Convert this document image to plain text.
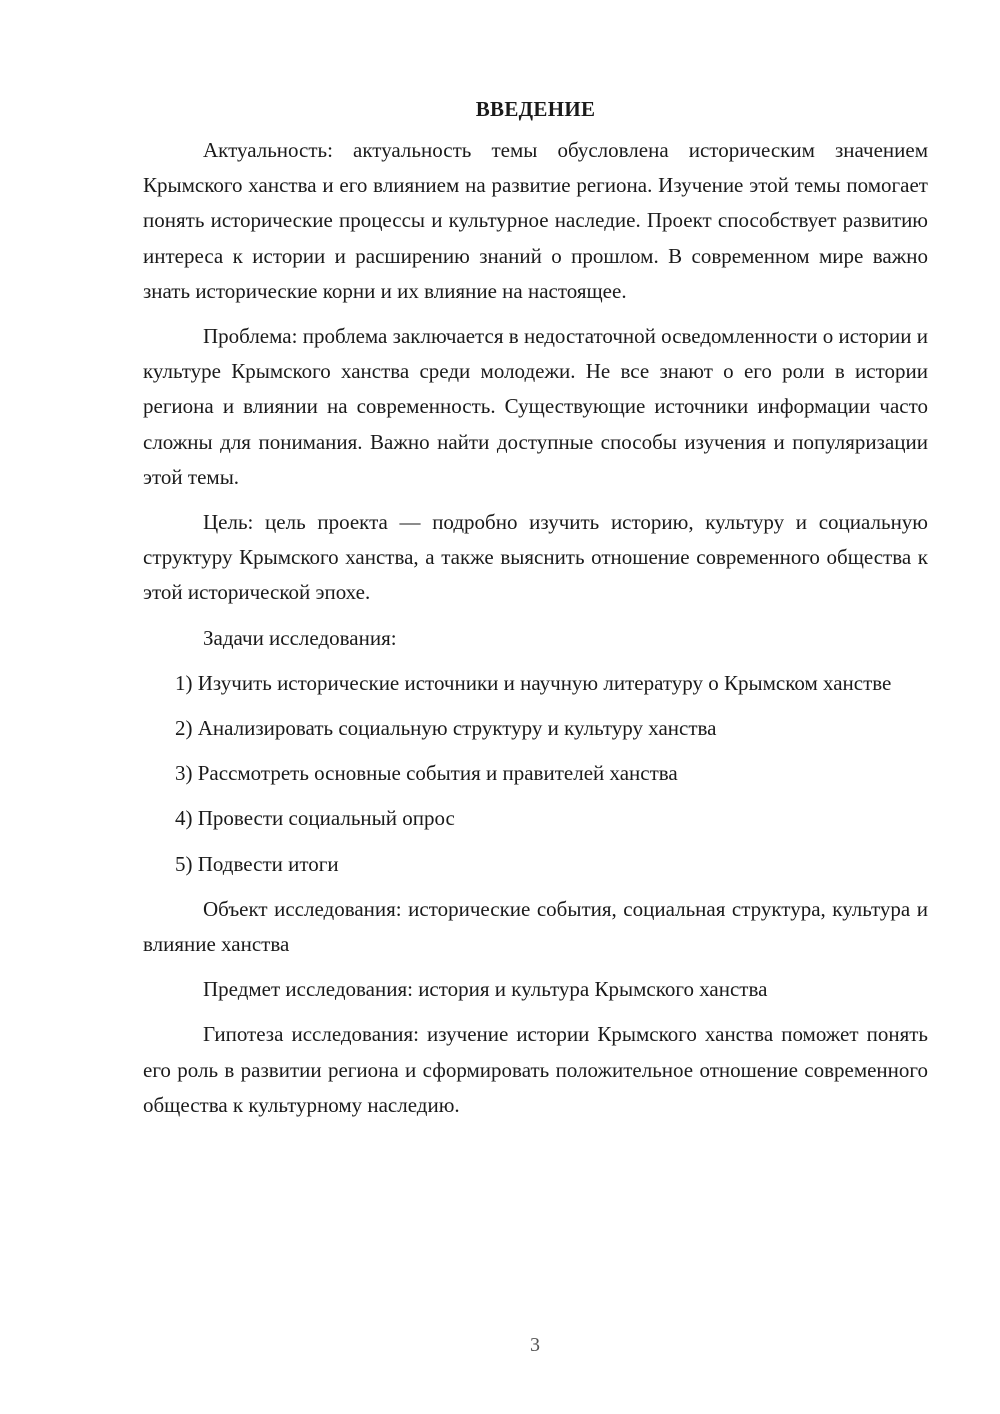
ВВЕДЕНИЕ

Актуальность: актуальность темы обусловлена историческим значением Крымского ханства и его влиянием на развитие региона. Изучение этой темы помогает понять исторические процессы и культурное наследие. Проект способствует развитию интереса к истории и расширению знаний о прошлом. В современном мире важно знать исторические корни и их влияние на настоящее.

Проблема: проблема заключается в недостаточной осведомленности о истории и культуре Крымского ханства среди молодежи. Не все знают о его роли в истории региона и влиянии на современность. Существующие источники информации часто сложны для понимания. Важно найти доступные способы изучения и популяризации этой темы.

Цель: цель проекта — подробно изучить историю, культуру и социальную структуру Крымского ханства, а также выяснить отношение современного общества к этой исторической эпохе.

Задачи исследования:

1) Изучить исторические источники и научную литературу о Крымском ханстве

2) Анализировать социальную структуру и культуру ханства

3) Рассмотреть основные события и правителей ханства

4) Провести социальный опрос

5) Подвести итоги

Объект исследования: исторические события, социальная структура, культура и влияние ханства

Предмет исследования: история и культура Крымского ханства

Гипотеза исследования: изучение истории Крымского ханства поможет понять его роль в развитии региона и сформировать положительное отношение современного общества к культурному наследию.

3
